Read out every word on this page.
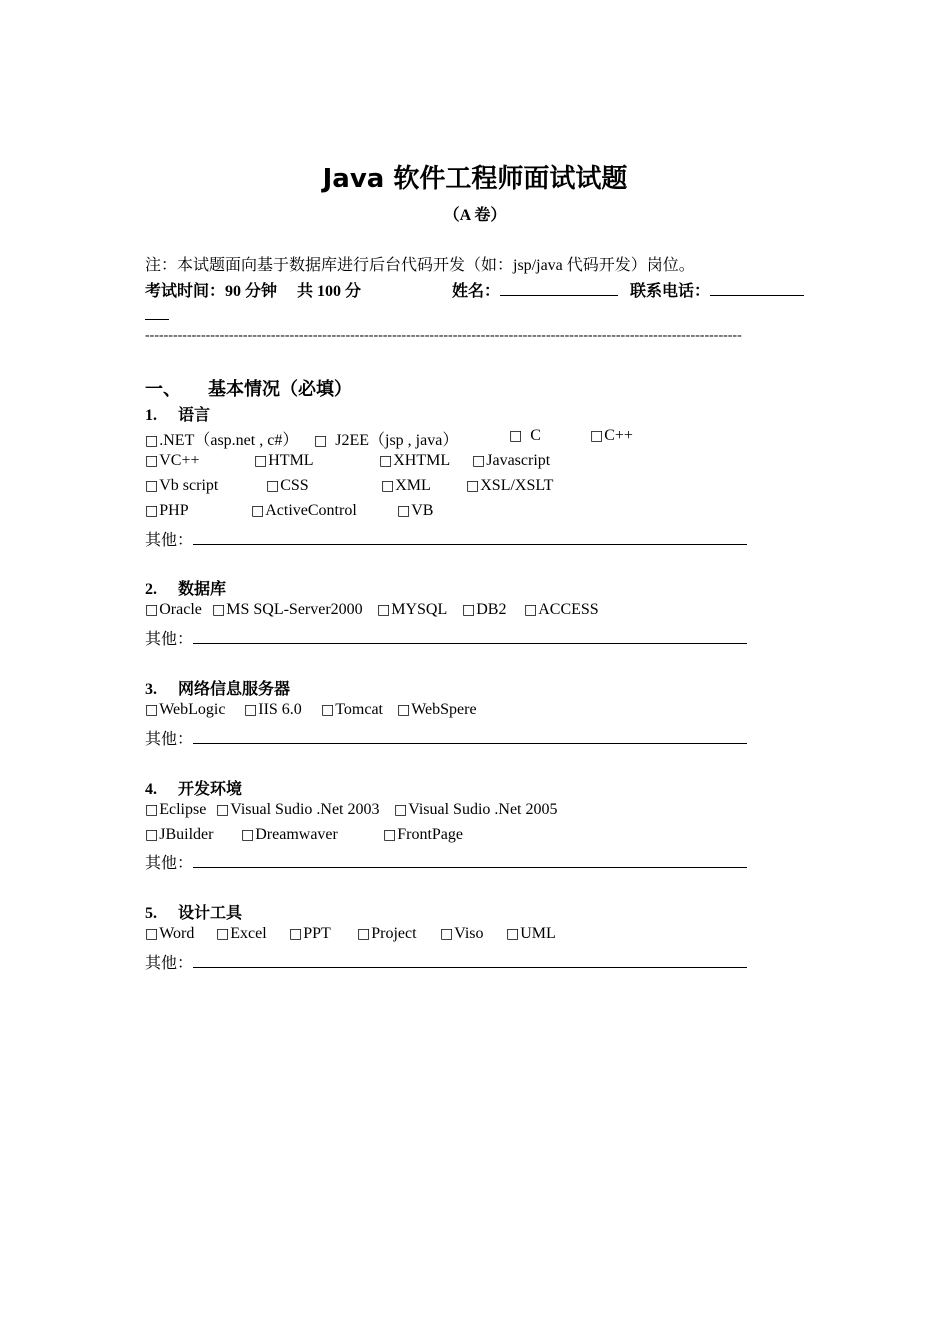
Java 软件工程师面试试题
（A 卷）
注：本试题面向基于数据库进行后台代码开发（如：jsp/java 代码开发）岗位。
考试时间：90 分钟　 共 100 分	姓名：	联系电话：
--------------------------------------------------------------------------------------------------------------------------------
一、　　基本情况（必填）
1. 语言
□.NET（asp.net , c#） □ J2EE（jsp , java）	□ C	□C++
□VC++	□HTML	□XHTML □Javascript
□Vb script	□CSS	□XML	□XSL/XSLT
□PHP	□ActiveControl	□VB
其他：
2. 数据库
□Oracle □MS SQL-Server2000 □MYSQL □DB2 □ACCESS
其他：
3. 网络信息服务器
□WebLogic □IIS 6.0 □Tomcat □WebSpere
其他：
4. 开发环境
□Eclipse □Visual Sudio .Net 2003 □Visual Sudio .Net 2005
□JBuilder □Dreamwaver	□FrontPage
其他：
5. 设计工具
□Word □Excel □PPT □Project □Viso □UML
其他：
